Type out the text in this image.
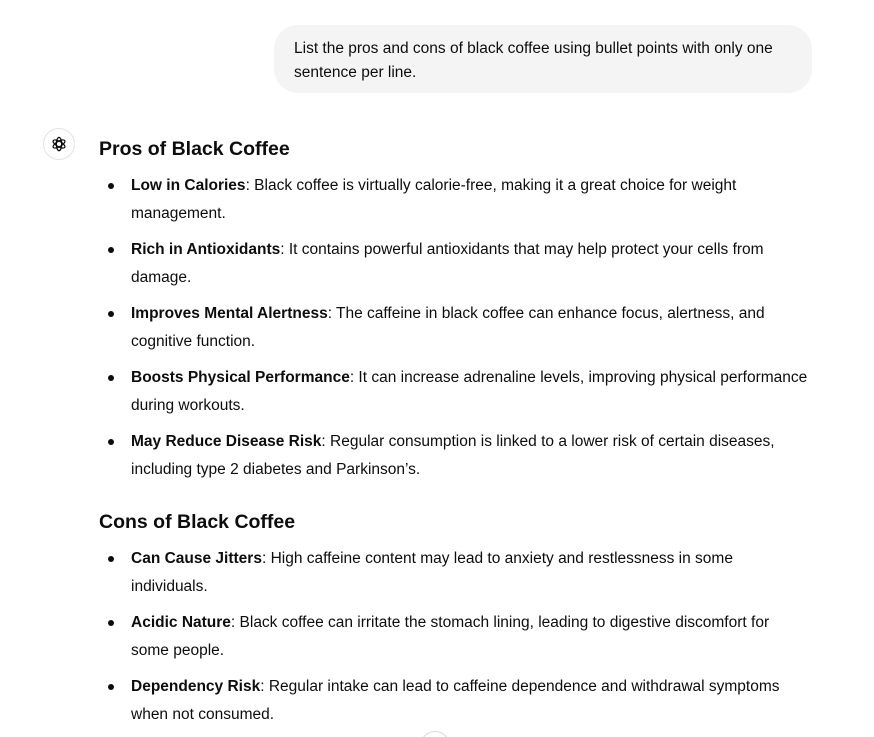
List the pros and cons of black coffee using bullet points with only one sentence per line.
Pros of Black Coffee
Low in Calories: Black coffee is virtually calorie-free, making it a great choice for weight management.
Rich in Antioxidants: It contains powerful antioxidants that may help protect your cells from damage.
Improves Mental Alertness: The caffeine in black coffee can enhance focus, alertness, and cognitive function.
Boosts Physical Performance: It can increase adrenaline levels, improving physical performance during workouts.
May Reduce Disease Risk: Regular consumption is linked to a lower risk of certain diseases, including type 2 diabetes and Parkinson’s.
Cons of Black Coffee
Can Cause Jitters: High caffeine content may lead to anxiety and restlessness in some individuals.
Acidic Nature: Black coffee can irritate the stomach lining, leading to digestive discomfort for some people.
Dependency Risk: Regular intake can lead to caffeine dependence and withdrawal symptoms when not consumed.
